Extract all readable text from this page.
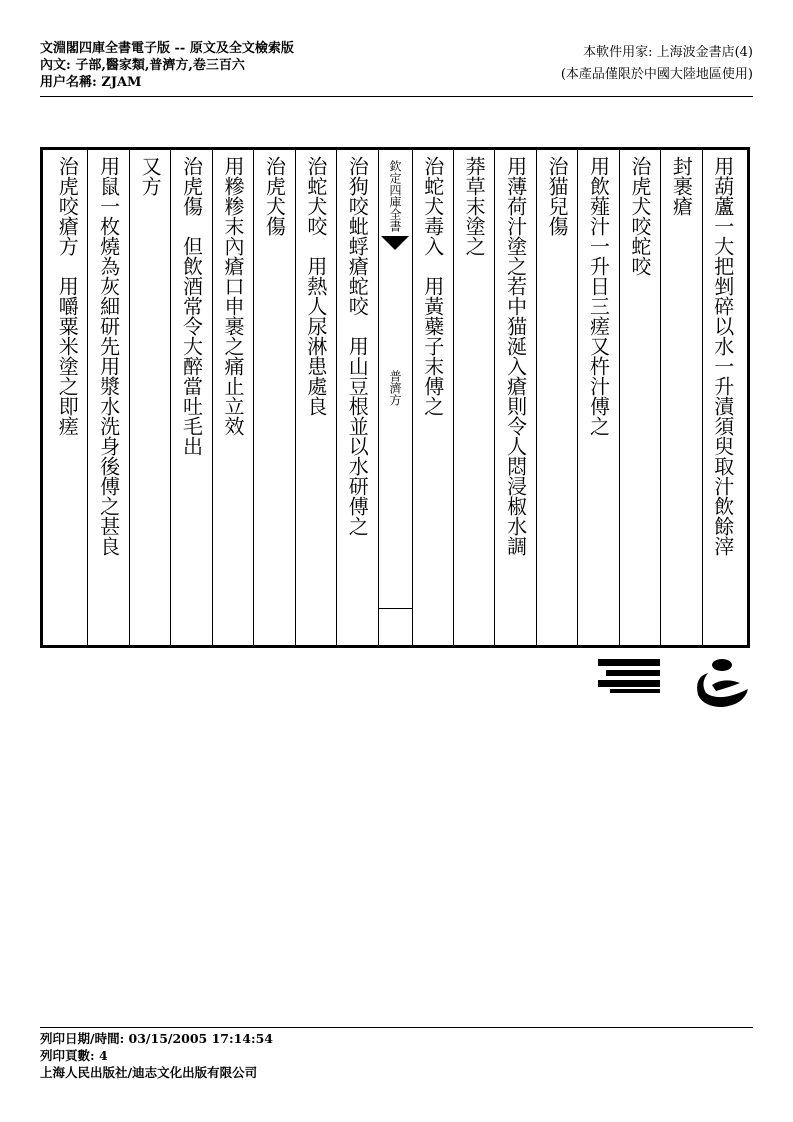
文淵閣四庫全書電子版 -- 原文及全文檢索版
內文: 子部,醫家類,普濟方,卷三百六
用户名稱: ZJAM
本軟件用家: 上海波金書店(4)
(本產品僅限於中國大陸地區使用)
用葫蘆一大把剉碎以水一升漬須臾取汁飲餘滓
封裹瘡
治虎犬咬蛇咬
用飲薤汁一升日三瘥又杵汁傅之
治猫兒傷
用薄荷汁塗之若中猫涎入瘡則令人悶浸椒水調
莽草末塗之
治蛇犬毒入　用黃蘗子末傅之
欽定四庫全書
普濟方
治狗咬蚍蜉瘡蛇咬　用山豆根並以水研傅之
治蛇犬咬　用熱人尿淋患處良
治虎犬傷
用糝糁末內瘡口申裹之痛止立效
治虎傷　但飲酒常令大醉當吐毛出
又方
用鼠一枚燒為灰細研先用漿水洗身後傅之甚良
治虎咬瘡方　用嚼粟米塗之即瘥
列印日期/時間: 03/15/2005 17:14:54
列印頁數: 4
上海人民出版社/迪志文化出版有限公司
